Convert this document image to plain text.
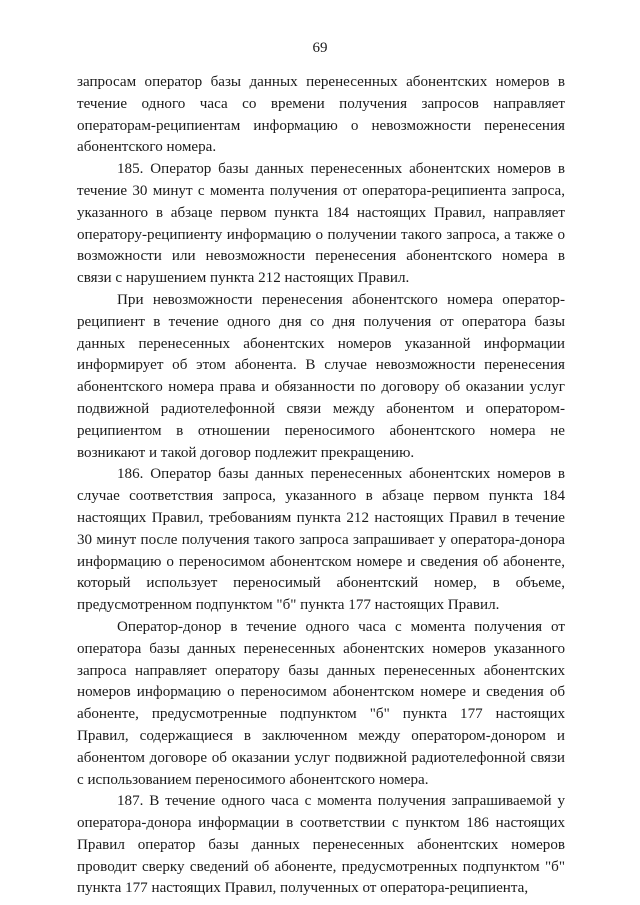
69

запросам оператор базы данных перенесенных абонентских номеров в течение одного часа со времени получения запросов направляет операторам-реципиентам информацию о невозможности перенесения абонентского номера.

185. Оператор базы данных перенесенных абонентских номеров в течение 30 минут с момента получения от оператора-реципиента запроса, указанного в абзаце первом пункта 184 настоящих Правил, направляет оператору-реципиенту информацию о получении такого запроса, а также о возможности или невозможности перенесения абонентского номера в связи с нарушением пункта 212 настоящих Правил.

При невозможности перенесения абонентского номера оператор-реципиент в течение одного дня со дня получения от оператора базы данных перенесенных абонентских номеров указанной информации информирует об этом абонента. В случае невозможности перенесения абонентского номера права и обязанности по договору об оказании услуг подвижной радиотелефонной связи между абонентом и оператором-реципиентом в отношении переносимого абонентского номера не возникают и такой договор подлежит прекращению.

186. Оператор базы данных перенесенных абонентских номеров в случае соответствия запроса, указанного в абзаце первом пункта 184 настоящих Правил, требованиям пункта 212 настоящих Правил в течение 30 минут после получения такого запроса запрашивает у оператора-донора информацию о переносимом абонентском номере и сведения об абоненте, который использует переносимый абонентский номер, в объеме, предусмотренном подпунктом "б" пункта 177 настоящих Правил.

Оператор-донор в течение одного часа с момента получения от оператора базы данных перенесенных абонентских номеров указанного запроса направляет оператору базы данных перенесенных абонентских номеров информацию о переносимом абонентском номере и сведения об абоненте, предусмотренные подпунктом "б" пункта 177 настоящих Правил, содержащиеся в заключенном между оператором-донором и абонентом договоре об оказании услуг подвижной радиотелефонной связи с использованием переносимого абонентского номера.

187. В течение одного часа с момента получения запрашиваемой у оператора-донора информации в соответствии с пунктом 186 настоящих Правил оператор базы данных перенесенных абонентских номеров проводит сверку сведений об абоненте, предусмотренных подпунктом "б" пункта 177 настоящих Правил, полученных от оператора-реципиента,
